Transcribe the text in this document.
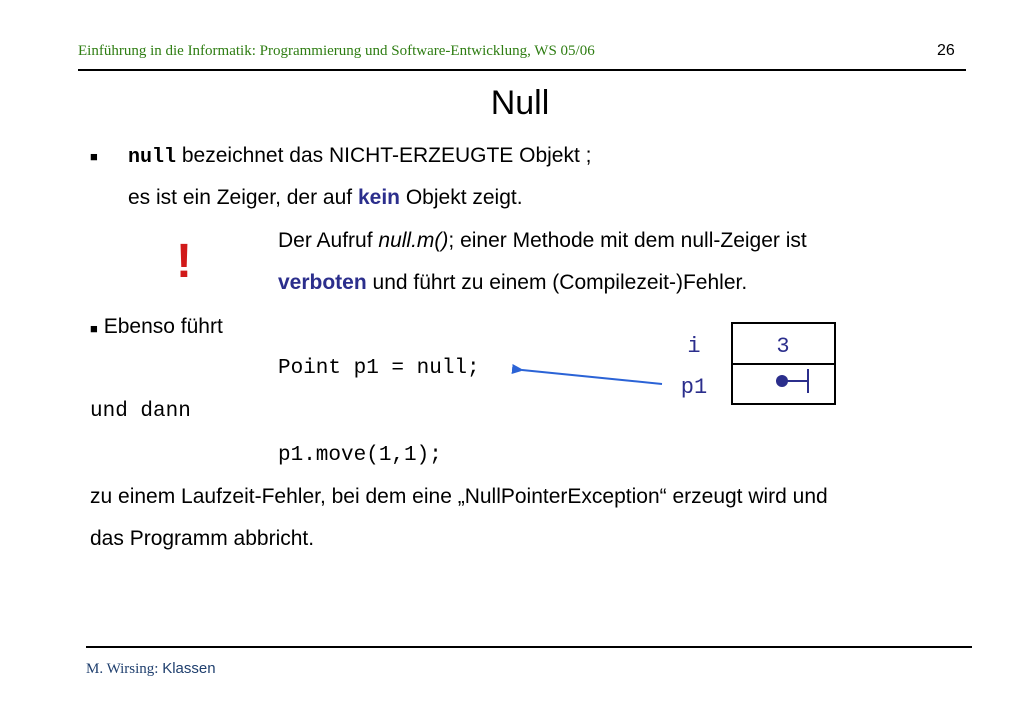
Einführung in die Informatik: Programmierung und Software-Entwicklung, WS 05/06	26
Null
■ null bezeichnet das NICHT-ERZEUGTE Objekt ;
es ist ein Zeiger, der auf kein Objekt zeigt.
!	Der Aufruf null.m(); einer Methode mit dem null-Zeiger ist
verboten und führt zu einem (Compilezeit-)Fehler.
■ Ebenso führt
Point p1 = null;
und dann
p1.move(1,1);
zu einem Laufzeit-Fehler, bei dem eine „NullPointerException“ erzeugt wird und
das Programm abbricht.
i	3
p1
M. Wirsing: Klassen
